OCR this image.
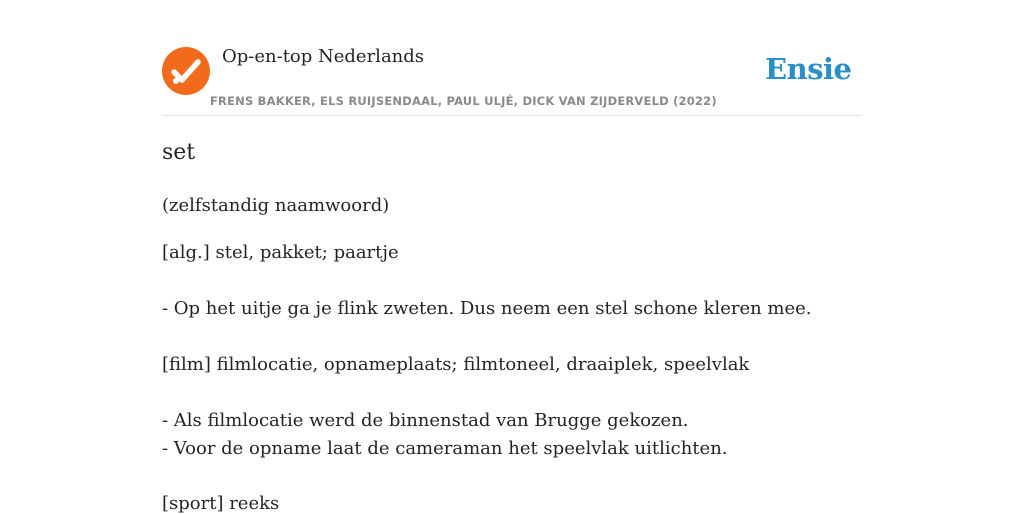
Op-en-top Nederlands
FRENS BAKKER, ELS RUIJSENDAAL, PAUL ULJÉ, DICK VAN ZIJDERVELD (2022)
Ensie
set
(zelfstandig naamwoord)
[alg.] stel, pakket; paartje
- Op het uitje ga je flink zweten. Dus neem een stel schone kleren mee.
[film] filmlocatie, opnameplaats; filmtoneel, draaiplek, speelvlak
- Als filmlocatie werd de binnenstad van Brugge gekozen.
- Voor de opname laat de cameraman het speelvlak uitlichten.
[sport] reeks
